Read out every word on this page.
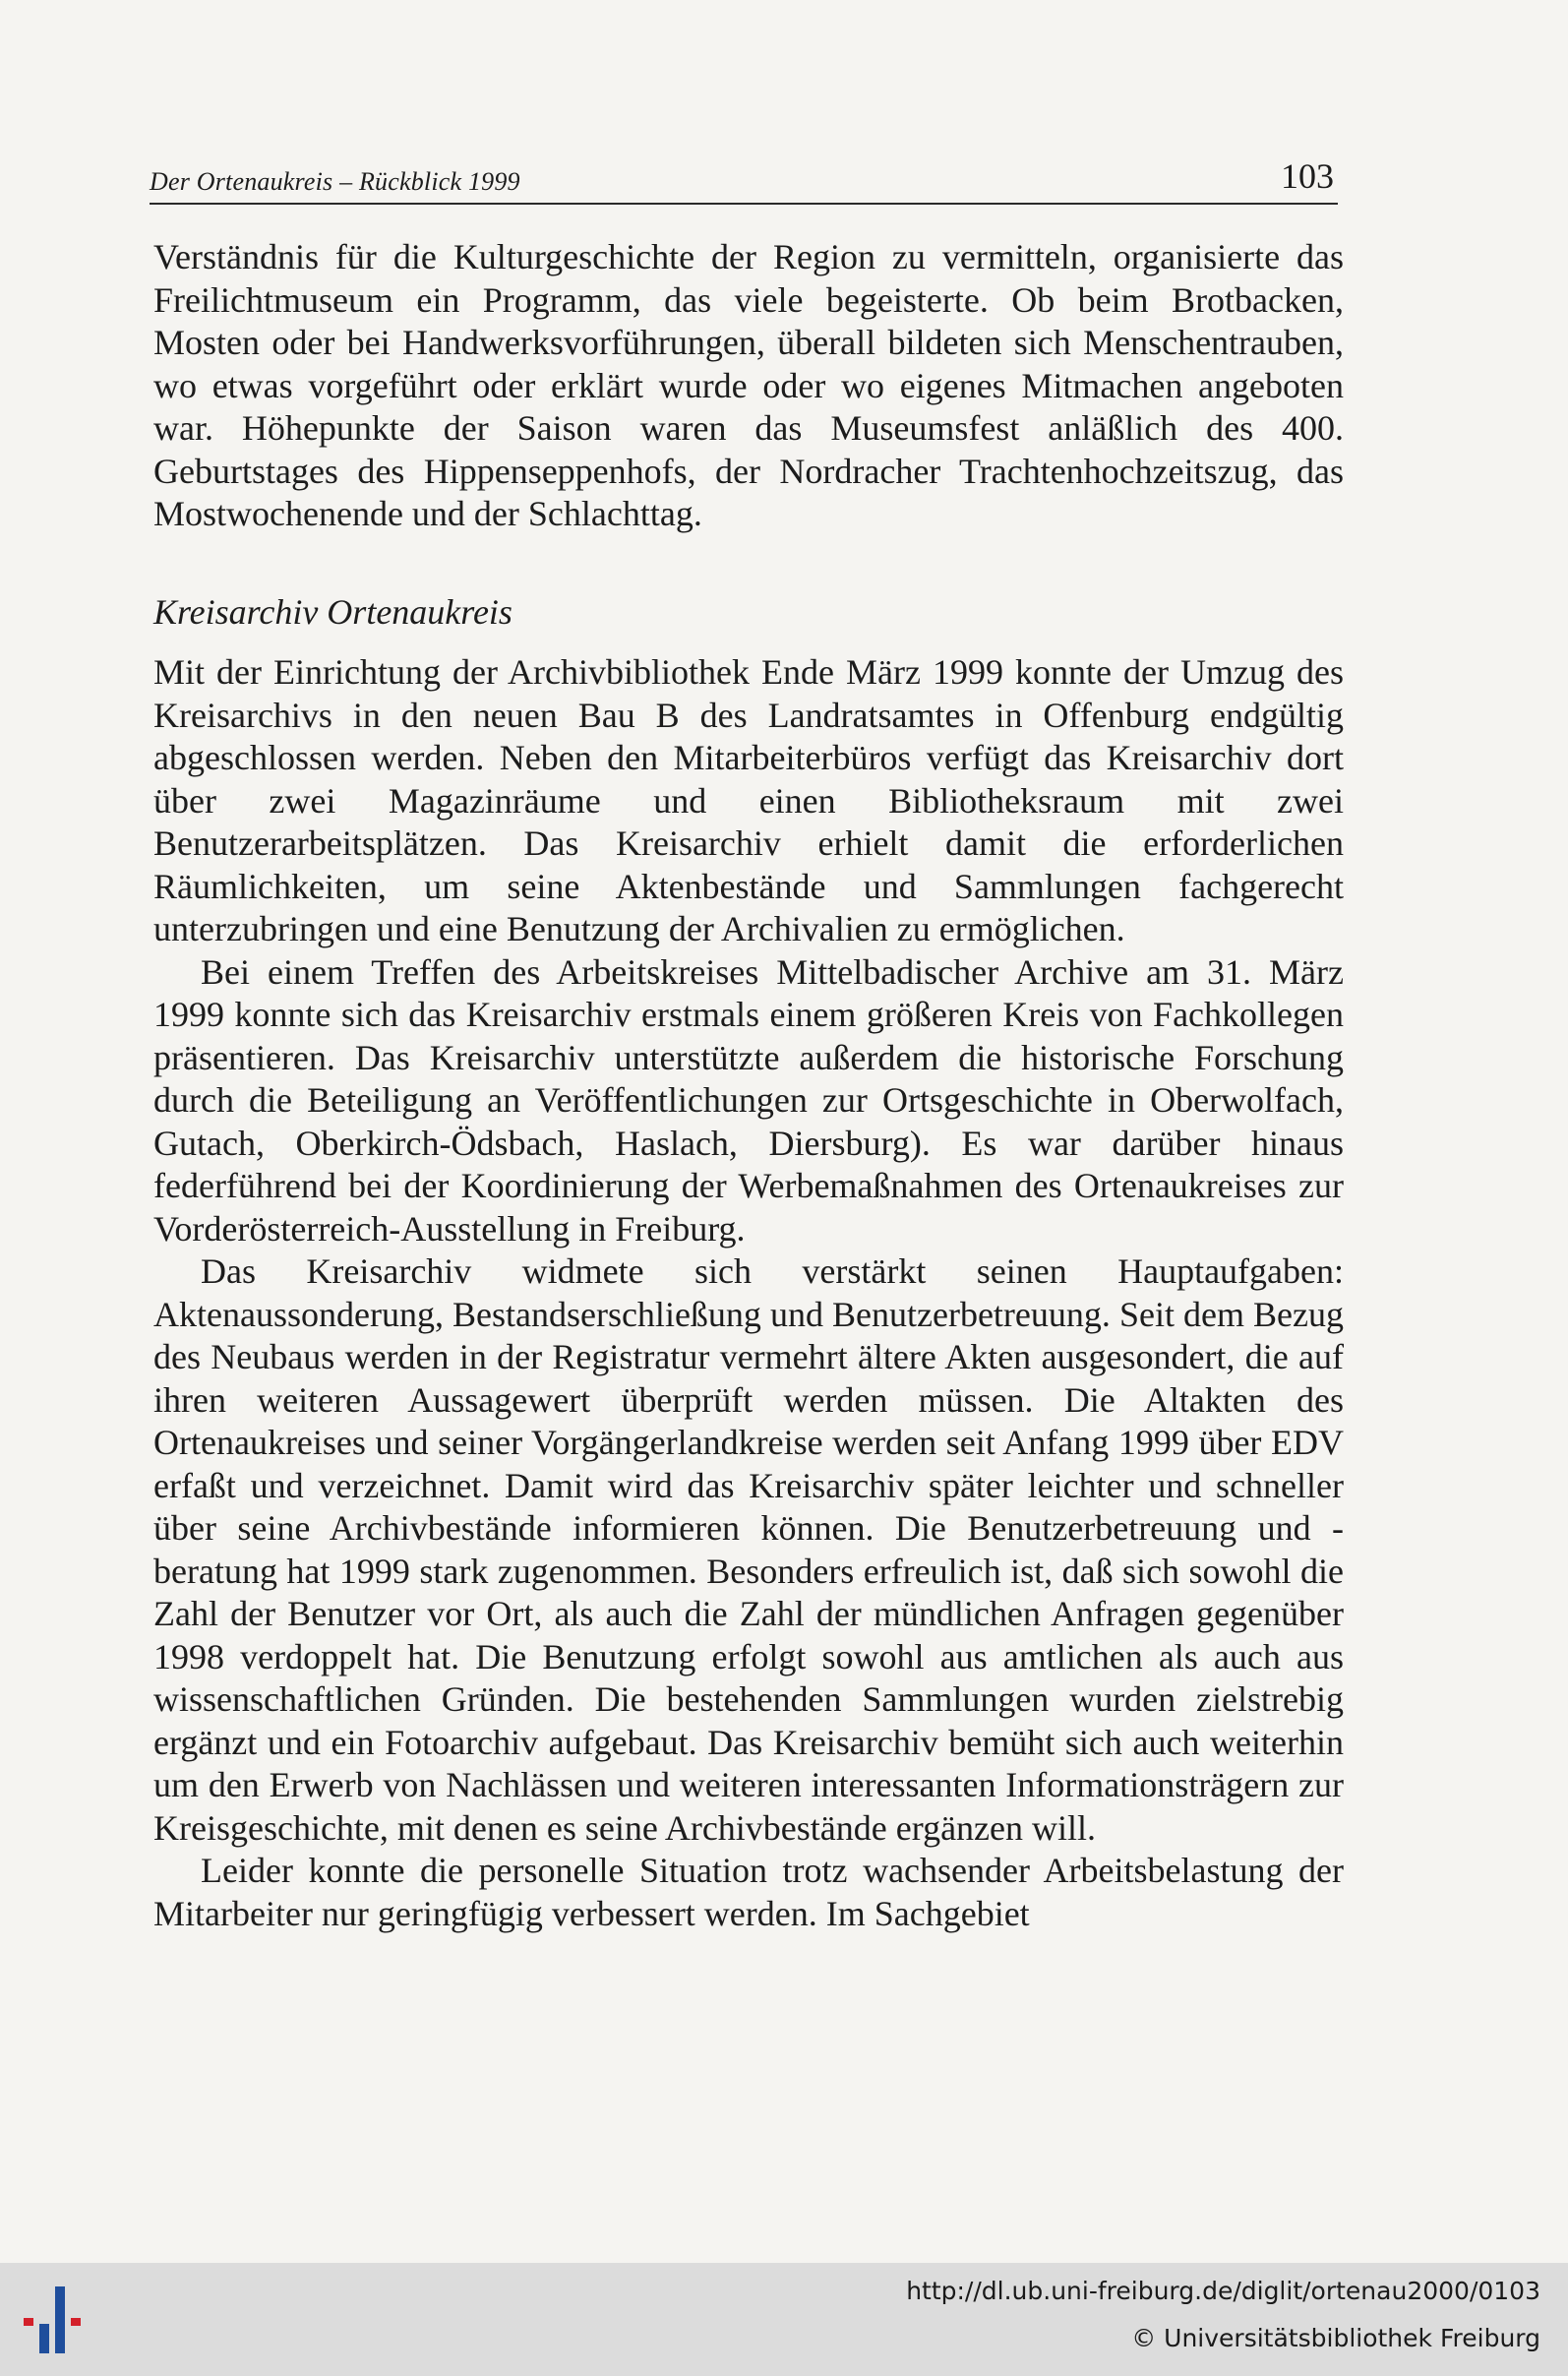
Der Ortenaukreis – Rückblick 1999	103

Verständnis für die Kulturgeschichte der Region zu vermitteln, organisierte das Freilichtmuseum ein Programm, das viele begeisterte. Ob beim Brotbacken, Mosten oder bei Handwerksvorführungen, überall bildeten sich Menschentrauben, wo etwas vorgeführt oder erklärt wurde oder wo eigenes Mitmachen angeboten war. Höhepunkte der Saison waren das Museumsfest anläßlich des 400. Geburtstages des Hippenseppenhofs, der Nordracher Trachtenhochzeitszug, das Mostwochenende und der Schlachttag.

Kreisarchiv Ortenaukreis

Mit der Einrichtung der Archivbibliothek Ende März 1999 konnte der Umzug des Kreisarchivs in den neuen Bau B des Landratsamtes in Offenburg endgültig abgeschlossen werden. Neben den Mitarbeiterbüros verfügt das Kreisarchiv dort über zwei Magazinräume und einen Bibliotheksraum mit zwei Benutzerarbeitsplätzen. Das Kreisarchiv erhielt damit die erforderlichen Räumlichkeiten, um seine Aktenbestände und Sammlungen fachgerecht unterzubringen und eine Benutzung der Archivalien zu ermöglichen.

Bei einem Treffen des Arbeitskreises Mittelbadischer Archive am 31. März 1999 konnte sich das Kreisarchiv erstmals einem größeren Kreis von Fachkollegen präsentieren. Das Kreisarchiv unterstützte außerdem die historische Forschung durch die Beteiligung an Veröffentlichungen zur Ortsgeschichte in Oberwolfach, Gutach, Oberkirch-Ödsbach, Haslach, Diersburg). Es war darüber hinaus federführend bei der Koordinierung der Werbemaßnahmen des Ortenaukreises zur Vorderösterreich-Ausstellung in Freiburg.

Das Kreisarchiv widmete sich verstärkt seinen Hauptaufgaben: Aktenaussonderung, Bestandserschließung und Benutzerbetreuung. Seit dem Bezug des Neubaus werden in der Registratur vermehrt ältere Akten ausgesondert, die auf ihren weiteren Aussagewert überprüft werden müssen. Die Altakten des Ortenaukreises und seiner Vorgängerlandkreise werden seit Anfang 1999 über EDV erfaßt und verzeichnet. Damit wird das Kreisarchiv später leichter und schneller über seine Archivbestände informieren können. Die Benutzerbetreuung und -beratung hat 1999 stark zugenommen. Besonders erfreulich ist, daß sich sowohl die Zahl der Benutzer vor Ort, als auch die Zahl der mündlichen Anfragen gegenüber 1998 verdoppelt hat. Die Benutzung erfolgt sowohl aus amtlichen als auch aus wissenschaftlichen Gründen. Die bestehenden Sammlungen wurden zielstrebig ergänzt und ein Fotoarchiv aufgebaut. Das Kreisarchiv bemüht sich auch weiterhin um den Erwerb von Nachlässen und weiteren interessanten Informationsträgern zur Kreisgeschichte, mit denen es seine Archivbestände ergänzen will.

Leider konnte die personelle Situation trotz wachsender Arbeitsbelastung der Mitarbeiter nur geringfügig verbessert werden. Im Sachgebiet

http://dl.ub.uni-freiburg.de/diglit/ortenau2000/0103
© Universitätsbibliothek Freiburg
